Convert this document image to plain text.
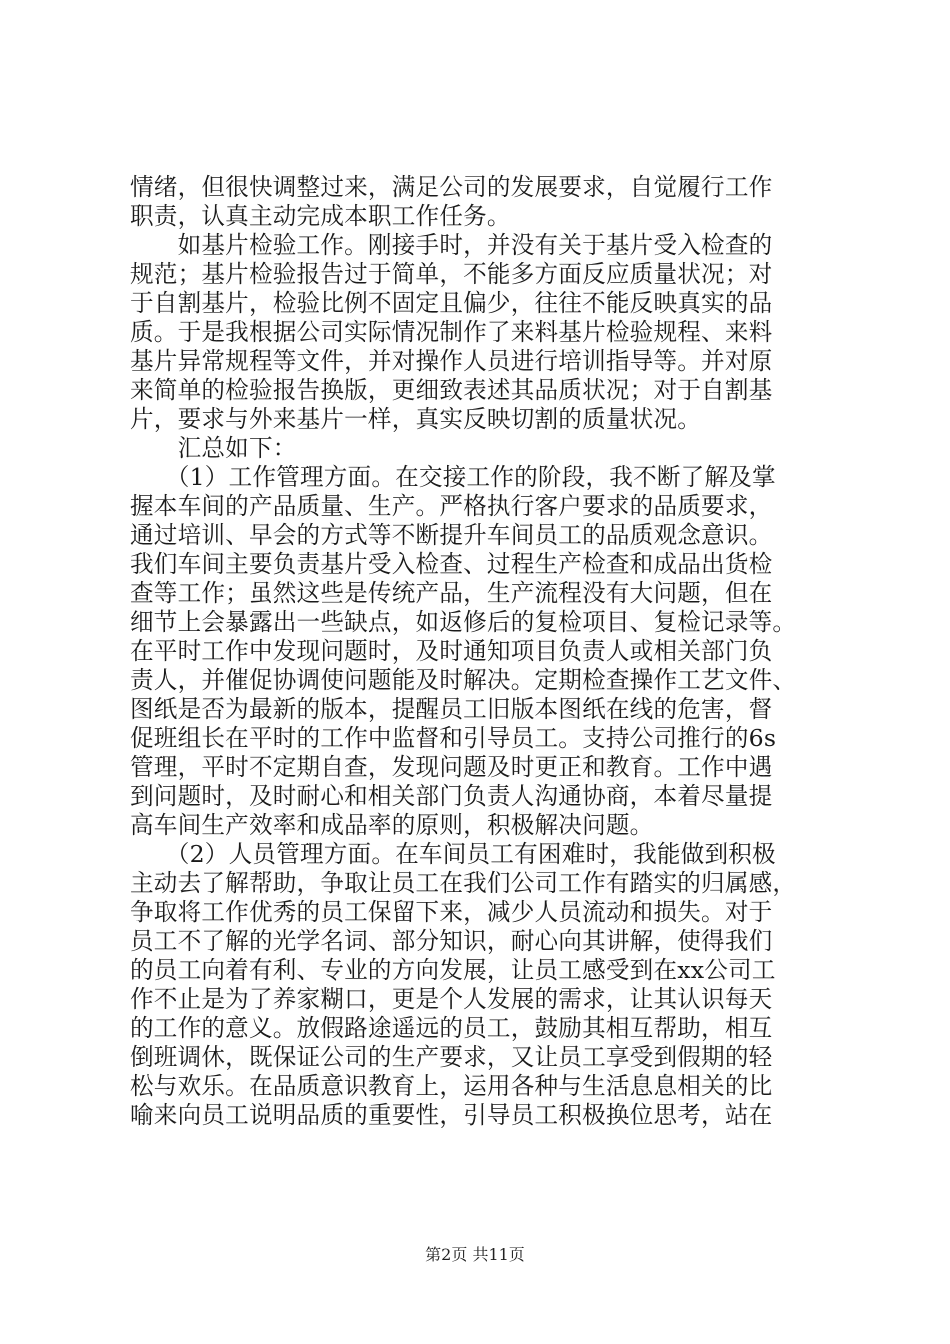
情绪，但很快调整过来，满足公司的发展要求，自觉履行工作
职责，认真主动完成本职工作任务。
　　如基片检验工作。刚接手时，并没有关于基片受入检查的
规范；基片检验报告过于简单，不能多方面反应质量状况；对
于自割基片，检验比例不固定且偏少，往往不能反映真实的品
质。于是我根据公司实际情况制作了来料基片检验规程、来料
基片异常规程等文件，并对操作人员进行培训指导等。并对原
来简单的检验报告换版，更细致表述其品质状况；对于自割基
片，要求与外来基片一样，真实反映切割的质量状况。
　　汇总如下：
　　（1）工作管理方面。在交接工作的阶段，我不断了解及掌
握本车间的产品质量、生产。严格执行客户要求的品质要求，
通过培训、早会的方式等不断提升车间员工的品质观念意识。
我们车间主要负责基片受入检查、过程生产检查和成品出货检
查等工作；虽然这些是传统产品，生产流程没有大问题，但在
细节上会暴露出一些缺点，如返修后的复检项目、复检记录等。
在平时工作中发现问题时，及时通知项目负责人或相关部门负
责人，并催促协调使问题能及时解决。定期检查操作工艺文件、
图纸是否为最新的版本，提醒员工旧版本图纸在线的危害，督
促班组长在平时的工作中监督和引导员工。支持公司推行的6s
管理，平时不定期自查，发现问题及时更正和教育。工作中遇
到问题时，及时耐心和相关部门负责人沟通协商，本着尽量提
高车间生产效率和成品率的原则，积极解决问题。
　　（2）人员管理方面。在车间员工有困难时，我能做到积极
主动去了解帮助，争取让员工在我们公司工作有踏实的归属感，
争取将工作优秀的员工保留下来，减少人员流动和损失。对于
员工不了解的光学名词、部分知识，耐心向其讲解，使得我们
的员工向着有利、专业的方向发展，让员工感受到在xx公司工
作不止是为了养家糊口，更是个人发展的需求，让其认识每天
的工作的意义。放假路途遥远的员工，鼓励其相互帮助，相互
倒班调休，既保证公司的生产要求，又让员工享受到假期的轻
松与欢乐。在品质意识教育上，运用各种与生活息息相关的比
喻来向员工说明品质的重要性，引导员工积极换位思考，站在
第2页 共11页
